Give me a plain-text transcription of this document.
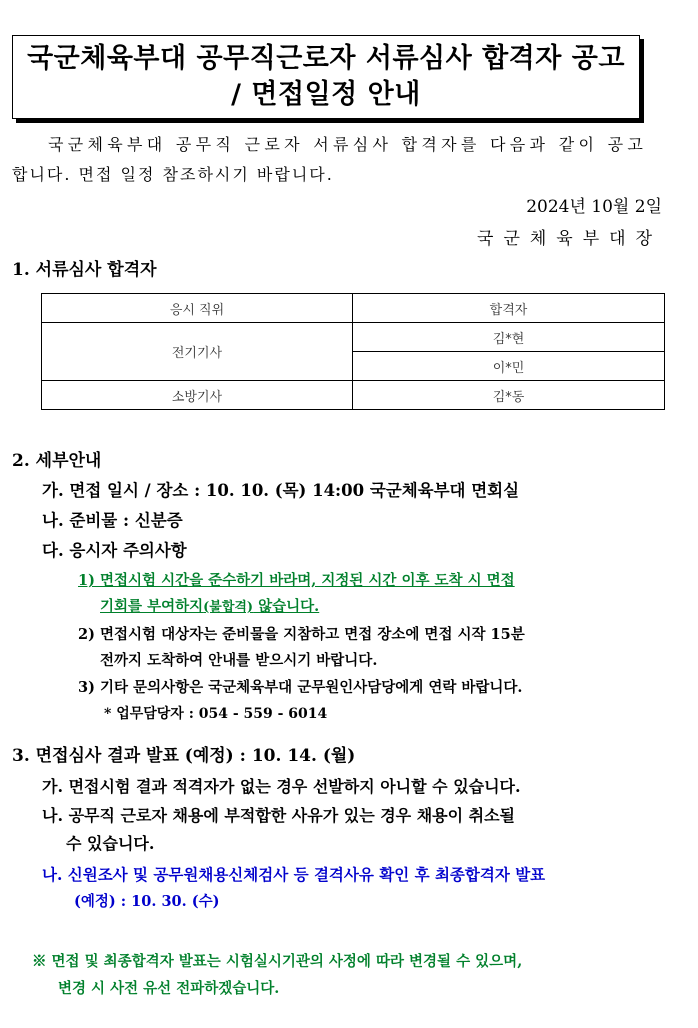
국군체육부대 공무직근로자 서류심사 합격자 공고
/ 면접일정 안내
국군체육부대 공무직 근로자 서류심사 합격자를 다음과 같이 공고
합니다. 면접 일정 참조하시기 바랍니다.
2024년 10월 2일
국군체육부대장
1. 서류심사 합격자
응시 직위	합격자
전기기사	김*현
	이*민
소방기사	김*동
2. 세부안내
가. 면접 일시 / 장소 : 10. 10. (목) 14:00 국군체육부대 면회실
나. 준비물 : 신분증
다. 응시자 주의사항
1) 면접시험 시간을 준수하기 바라며, 지정된 시간 이후 도착 시 면접
기회를 부여하지(불합격) 않습니다.
2) 면접시험 대상자는 준비물을 지참하고 면접 장소에 면접 시작 15분
전까지 도착하여 안내를 받으시기 바랍니다.
3) 기타 문의사항은 국군체육부대 군무원인사담당에게 연락 바랍니다.
* 업무담당자 : 054 - 559 - 6014
3. 면접심사 결과 발표 (예정) : 10. 14. (월)
가. 면접시험 결과 적격자가 없는 경우 선발하지 아니할 수 있습니다.
나. 공무직 근로자 채용에 부적합한 사유가 있는 경우 채용이 취소될
수 있습니다.
나. 신원조사 및 공무원채용신체검사 등 결격사유 확인 후 최종합격자 발표
(예정) : 10. 30. (수)
※ 면접 및 최종합격자 발표는 시험실시기관의 사정에 따라 변경될 수 있으며,
변경 시 사전 유선 전파하겠습니다.
